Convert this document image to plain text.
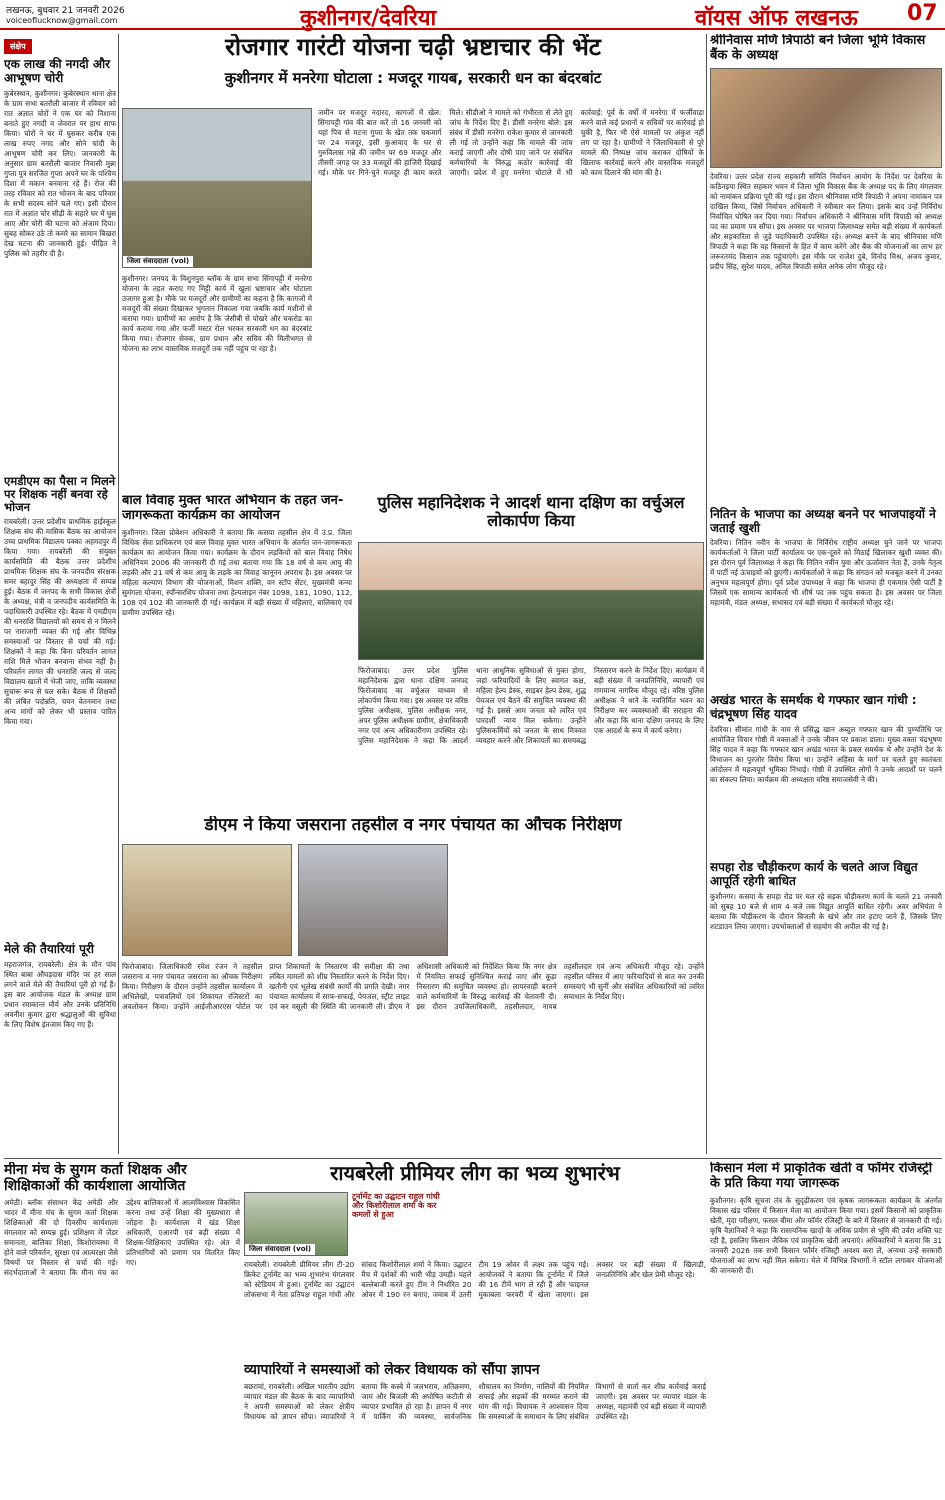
लखनऊ, बुधवार 21 जनवरी 2026
voiceoflucknow@gmail.com	कुशीनगर/देवरिया	वॉयस ऑफ लखनऊ 07
संक्षेप
एक लाख की नगदी और आभूषण चोरी
कुबेरस्थान, कुशीनगर। कुबेरस्थान थाना क्षेत्र के ग्राम सभा बतरौली बाजार में रविवार को रात अज्ञात चोरों ने एक घर को निशाना बनाते हुए नगदी व जेवरात पर हाथ साफ किया। चोरों ने घर में घुसकर करीब एक लाख रुपए नगद और सोने चांदी के आभूषण चोरी कर लिए। जानकारी के अनुसार ग्राम बतरौली बाजार निवासी मुन्ना गुप्ता पुत्र सरजित गुप्ता अपने घर के पश्चिम दिशा में मकान बनवाना रहे हैं। रोज की तरह रविवार को रात भोजन के बाद परिवार के सभी सदस्य सोने चले गए। इसी दौरान रात में अज्ञात चोर सीढ़ी के सहारे घर में घुस आए और चोरी की घटना को अंजाम दिया। सुबह सोकर उठे तो कमरे का सामान बिखरा देख घटना की जानकारी हुई। पीड़ित ने पुलिस को तहरीर दी है।
एमडीएम का पैसा न मिलने पर शिक्षक नहीं बनवा रहे भोजन
रायबरेली। उत्तर प्रदेशीय प्राथमिक हाईस्कूल शिक्षक संघ की मासिक बैठक का आयोजन उच्च प्राथमिक विद्यालय पक्का अहमदपुर में किया गया। रायबरेली की संयुक्त कार्यसमिति की बैठक उत्तर प्रदेशीय प्राथमिक शिक्षक संघ के जनपदीय संरक्षक समर बहादुर सिंह की अध्यक्षता में सम्पन्न हुई। बैठक में जनपद के सभी विकास क्षेत्रों के अध्यक्ष, मंत्री व जनपदीय कार्यसमिति के पदाधिकारी उपस्थित रहे। बैठक में एमडीएम की धनराशि विद्यालयों को समय से न मिलने पर नाराजगी व्यक्त की गई और विभिन्न समस्याओं पर विस्तार से चर्चा की गई। शिक्षकों ने कहा कि बिना परिवर्तन लागत राशि मिले भोजन बनवाना संभव नहीं है। परिवर्तन लागत की धनराशि जल्द से जल्द विद्यालय खातों में भेजी जाए, ताकि व्यवस्था सुचारू रूप से चल सके। बैठक में शिक्षकों की लंबित पदोन्नति, चयन वेतनमान तथा अन्य मांगों को लेकर भी प्रस्ताव पारित किया गया।
मेले की तैयारियां पूरी
महराजगंज, रायबरेली। क्षेत्र के मौन पांव स्थित बाबा औघड़दास मंदिर पर हर साल लगने वाले मेले की तैयारियां पूरी हो गई हैं। इस बार आयोजक मंडल के अध्यक्ष ग्राम प्रधान रमाकान्त मौर्य और उनके प्रतिनिधि अवनीश कुमार द्वारा श्रद्धालुओं की सुविधा के लिए विशेष इंतजाम किए गए हैं।
रोजगार गारंटी योजना चढ़ी भ्रष्टाचार की भेंट
कुशीनगर में मनरेगा घोटाला : मजदूर गायब, सरकारी धन का बंदरबांट
जिला संवाददाता (vol)
कुशीनगर। जनपद के विशुनपुरा ब्लॉक के ग्राम सभा सिंगापट्टी में मनरेगा योजना के तहत कराए गए मिट्टी कार्य में खुला भ्रष्टाचार और घोटाला उजागर हुआ है। मौके पर मजदूरों और ग्रामीणों का कहना है कि कागजों में मजदूरों की संख्या दिखाकर भुगतान निकाला गया जबकि कार्य मशीनों से कराया गया। ग्रामीणों का आरोप है कि जेसीबी से पोखरे और चकरोड का कार्य कराया गया और फर्जी मस्टर रोल भरकर सरकारी धन का बंदरबांट किया गया। रोजगार सेवक, ग्राम प्रधान और सचिव की मिलीभगत से योजना का लाभ वास्तविक मजदूरों तक नहीं पहुंच पा रहा है।
जमीन पर मजदूर नदारद, कागजों में खेल: सिंगापट्टी गांव की बात करें तो 16 जनवरी को यहां पिच से मटना गुप्ता के खेत तक चकमार्ग पर 24 मजदूर, इसी कुआवाद के घर से गुरुविलास गन्ने की जमीन पर 69 मजदूर और तीसरी जगह पर 33 मजदूरों की हाजिरी दिखाई गई। मौके पर गिने-चुने मजदूर ही काम करते मिले। सीडीओ ने मामले को गंभीरता से लेते हुए जांच के निर्देश दिए हैं। डीसी मनरेगा बोले: इस संबंध में डीसी मनरेगा राकेश कुमार से जानकारी ली गई तो उन्होंने कहा कि मामले की जांच कराई जाएगी और दोषी पाए जाने पर संबंधित कर्मचारियों के विरुद्ध कठोर कार्रवाई की जाएगी। प्रदेश में हुए मनरेगा घोटाले में भी कार्रवाई: पूर्व के वर्षों में मनरेगा में फर्जीवाड़ा करने वाले कई प्रधानों व सचिवों पर कार्रवाई हो चुकी है, फिर भी ऐसे मामलों पर अंकुश नहीं लग पा रहा है। ग्रामीणों ने जिलाधिकारी से पूरे मामले की निष्पक्ष जांच कराकर दोषियों के खिलाफ कार्रवाई करने और वास्तविक मजदूरों को काम दिलाने की मांग की है।
श्रीनिवास मणि त्रिपाठी बने जिला भूमि विकास बैंक के अध्यक्ष
देवरिया। उत्तर प्रदेश राज्य सहकारी समिति निर्वाचन आयोग के निर्देश पर देवरिया के कठिनइया स्थित सहकार भवन में जिला भूमि विकास बैंक के अध्यक्ष पद के लिए मंगलवार को नामांकन प्रक्रिया पूरी की गई। इस दौरान श्रीनिवास मणि त्रिपाठी ने अपना नामांकन पत्र दाखिल किया, जिसे निर्वाचन अधिकारी ने स्वीकार कर लिया। इसके बाद उन्हें निर्विरोध निर्वाचित घोषित कर दिया गया। निर्वाचन अधिकारी ने श्रीनिवास मणि त्रिपाठी को अध्यक्ष पद का प्रमाण पत्र सौंपा। इस अवसर पर भाजपा जिलाध्यक्ष समेत बड़ी संख्या में कार्यकर्ता और सहकारिता से जुड़े पदाधिकारी उपस्थित रहे। अध्यक्ष बनने के बाद श्रीनिवास मणि त्रिपाठी ने कहा कि वह किसानों के हित में काम करेंगे और बैंक की योजनाओं का लाभ हर जरूरतमंद किसान तक पहुंचाएंगे। इस मौके पर राजेश दुबे, विनोद मिश्र, अजय कुमार, प्रदीप सिंह, सुरेश यादव, अनिल त्रिपाठी समेत अनेक लोग मौजूद रहे।
नितिन के भाजपा का अध्यक्ष बनने पर भाजपाइयों ने जताई खुशी
देवरिया। नितिन नवीन के भाजपा के निर्विरोध राष्ट्रीय अध्यक्ष चुने जाने पर भाजपा कार्यकर्ताओं ने जिला पार्टी कार्यालय पर एक-दूसरे को मिठाई खिलाकर खुशी व्यक्त की। इस दौरान पूर्व जिलाध्यक्ष ने कहा कि नितिन नवीन युवा और ऊर्जावान नेता हैं, उनके नेतृत्व में पार्टी नई ऊंचाइयों को छुएगी। कार्यकर्ताओं ने कहा कि संगठन को मजबूत करने में उनका अनुभव महत्वपूर्ण होगा। पूर्व प्रदेश उपाध्यक्ष ने कहा कि भाजपा ही एकमात्र ऐसी पार्टी है जिसमें एक सामान्य कार्यकर्ता भी शीर्ष पद तक पहुंच सकता है। इस अवसर पर जिला महामंत्री, मंडल अध्यक्ष, सभासद एवं बड़ी संख्या में कार्यकर्ता मौजूद रहे।
अखंड भारत के समर्थक थे गफ्फार खान गांधी : चंद्रभूषण सिंह यादव
देवरिया। सीमांत गांधी के नाम से प्रसिद्ध खान अब्दुल गफ्फार खान की पुण्यतिथि पर आयोजित विचार गोष्ठी में वक्ताओं ने उनके जीवन पर प्रकाश डाला। मुख्य वक्ता चंद्रभूषण सिंह यादव ने कहा कि गफ्फार खान अखंड भारत के प्रबल समर्थक थे और उन्होंने देश के विभाजन का पुरजोर विरोध किया था। उन्होंने अहिंसा के मार्ग पर चलते हुए स्वतंत्रता आंदोलन में महत्वपूर्ण भूमिका निभाई। गोष्ठी में उपस्थित लोगों ने उनके आदर्शों पर चलने का संकल्प लिया। कार्यक्रम की अध्यक्षता वरिष्ठ समाजसेवी ने की।
सपहा रोड चौड़ीकरण कार्य के चलते आज विद्युत आपूर्ति रहेगी बाधित
कुशीनगर। कसया के सपहा रोड पर चल रहे सड़क चौड़ीकरण कार्य के चलते 21 जनवरी को सुबह 10 बजे से शाम 4 बजे तक विद्युत आपूर्ति बाधित रहेगी। अवर अभियंता ने बताया कि चौड़ीकरण के दौरान बिजली के खंभे और तार हटाए जाने हैं, जिसके लिए शटडाउन लिया जाएगा। उपभोक्ताओं से सहयोग की अपील की गई है।
बाल विवाह मुक्त भारत अभियान के तहत जन-जागरूकता कार्यक्रम का आयोजन
कुशीनगर। जिला प्रोबेशन अधिकारी ने बताया कि कसया तहसील क्षेत्र में उ.प्र. जिला विधिक सेवा प्राधिकरण एवं बाल विवाह मुक्त भारत अभियान के अंतर्गत जन-जागरूकता कार्यक्रम का आयोजन किया गया। कार्यक्रम के दौरान लड़कियों को बाल विवाह निषेध अधिनियम 2006 की जानकारी दी गई तथा बताया गया कि 18 वर्ष से कम आयु की लड़की और 21 वर्ष से कम आयु के लड़के का विवाह कानूनन अपराध है। इस अवसर पर महिला कल्याण विभाग की योजनाओं, मिशन शक्ति, वन स्टॉप सेंटर, मुख्यमंत्री कन्या सुमंगला योजना, स्पॉन्सरशिप योजना तथा हेल्पलाइन नंबर 1098, 181, 1090, 112, 108 एवं 102 की जानकारी दी गई। कार्यक्रम में बड़ी संख्या में महिलाएं, बालिकाएं एवं ग्रामीण उपस्थित रहे।
पुलिस महानिदेशक ने आदर्श थाना दक्षिण का वर्चुअल लोकार्पण किया
फिरोजाबाद। उत्तर प्रदेश पुलिस महानिदेशक द्वारा थाना दक्षिण जनपद फिरोजाबाद का वर्चुअल माध्यम से लोकार्पण किया गया। इस अवसर पर वरिष्ठ पुलिस अधीक्षक, पुलिस अधीक्षक नगर, अपर पुलिस अधीक्षक ग्रामीण, क्षेत्राधिकारी नगर एवं अन्य अधिकारीगण उपस्थित रहे। पुलिस महानिदेशक ने कहा कि आदर्श थाना आधुनिक सुविधाओं से युक्त होगा, जहां फरियादियों के लिए स्वागत कक्ष, महिला हेल्प डेस्क, साइबर हेल्प डेस्क, शुद्ध पेयजल एवं बैठने की समुचित व्यवस्था की गई है। इससे आम जनता को त्वरित एवं पारदर्शी न्याय मिल सकेगा। उन्होंने पुलिसकर्मियों को जनता के साथ मित्रवत व्यवहार करने और शिकायतों का समयबद्ध निस्तारण करने के निर्देश दिए। कार्यक्रम में बड़ी संख्या में जनप्रतिनिधि, व्यापारी एवं गणमान्य नागरिक मौजूद रहे। वरिष्ठ पुलिस अधीक्षक ने थाने के नवनिर्मित भवन का निरीक्षण कर व्यवस्थाओं की सराहना की और कहा कि थाना दक्षिण जनपद के लिए एक आदर्श के रूप में कार्य करेगा।
डीएम ने किया जसराना तहसील व नगर पंचायत का औचक निरीक्षण
फिरोजाबाद। जिलाधिकारी रमेश रंजन ने तहसील जसराना व नगर पंचायत जसराना का औचक निरीक्षण किया। निरीक्षण के दौरान उन्होंने तहसील कार्यालय में अभिलेखों, पत्रावलियों एवं शिकायत रजिस्टरों का अवलोकन किया। उन्होंने आईजीआरएस पोर्टल पर प्राप्त शिकायतों के निस्तारण की समीक्षा की तथा लंबित मामलों को शीघ्र निस्तारित करने के निर्देश दिए। खतौनी एवं भूलेख संबंधी कार्यों की प्रगति देखी। नगर पंचायत कार्यालय में साफ-सफाई, पेयजल, स्ट्रीट लाइट एवं कर वसूली की स्थिति की जानकारी ली। डीएम ने अधिशासी अधिकारी को निर्देशित किया कि नगर क्षेत्र में नियमित सफाई सुनिश्चित कराई जाए और कूड़ा निस्तारण की समुचित व्यवस्था हो। लापरवाही बरतने वाले कर्मचारियों के विरुद्ध कार्रवाई की चेतावनी दी। इस दौरान उपजिलाधिकारी, तहसीलदार, नायब तहसीलदार एवं अन्य अधिकारी मौजूद रहे। उन्होंने तहसील परिसर में आए फरियादियों से बात कर उनकी समस्याएं भी सुनीं और संबंधित अधिकारियों को त्वरित समाधान के निर्देश दिए।
मीना मंच के सुगम कर्ता शिक्षक और शिक्षिकाओं की कार्यशाला आयोजित
अमेठी। ब्लॉक संसाधन केंद्र अमेठी और भादर में मीना मंच के सुगम कर्ता शिक्षक शिक्षिकाओं की दो दिवसीय कार्यशाला मंगलवार को सम्पन्न हुई। प्रशिक्षण में जेंडर समानता, बालिका शिक्षा, किशोरावस्था में होने वाले परिवर्तन, सुरक्षा एवं आत्मरक्षा जैसे विषयों पर विस्तार से चर्चा की गई। संदर्भदाताओं ने बताया कि मीना मंच का उद्देश्य बालिकाओं में आत्मविश्वास विकसित करना तथा उन्हें शिक्षा की मुख्यधारा से जोड़ना है। कार्यशाला में खंड शिक्षा अधिकारी, एआरपी एवं बड़ी संख्या में शिक्षक-शिक्षिकाएं उपस्थित रहे। अंत में प्रतिभागियों को प्रमाण पत्र वितरित किए गए।
रायबरेली प्रीमियर लीग का भव्य शुभारंभ
जिला संवाददाता (vol)
टूर्नामेंट का उद्घाटन राहुल गांधी और किशोरीलाल शर्मा के कर कमलों से हुआ
रायबरेली। रायबरेली प्रीमियर लीग टी-20 क्रिकेट टूर्नामेंट का भव्य शुभारंभ मंगलवार को स्टेडियम में हुआ। टूर्नामेंट का उद्घाटन लोकसभा में नेता प्रतिपक्ष राहुल गांधी और सांसद किशोरीलाल शर्मा ने किया। उद्घाटन मैच में दर्शकों की भारी भीड़ उमड़ी। पहले बल्लेबाजी करते हुए टीम ने निर्धारित 20 ओवर में 190 रन बनाए, जवाब में उतरी टीम 19 ओवर में लक्ष्य तक पहुंच गई। आयोजकों ने बताया कि टूर्नामेंट में जिले की 16 टीमें भाग ले रही हैं और फाइनल मुकाबला फरवरी में खेला जाएगा। इस अवसर पर बड़ी संख्या में खिलाड़ी, जनप्रतिनिधि और खेल प्रेमी मौजूद रहे।
व्यापारियों ने समस्याओं को लेकर विधायक को सौंपा ज्ञापन
बछरावां, रायबरेली। अखिल भारतीय उद्योग व्यापार मंडल की बैठक के बाद व्यापारियों ने अपनी समस्याओं को लेकर क्षेत्रीय विधायक को ज्ञापन सौंपा। व्यापारियों ने बताया कि कस्बे में जलभराव, अतिक्रमण, जाम और बिजली की अघोषित कटौती से व्यापार प्रभावित हो रहा है। ज्ञापन में नगर में पार्किंग की व्यवस्था, सार्वजनिक शौचालय का निर्माण, नालियों की नियमित सफाई और सड़कों की मरम्मत कराने की मांग की गई। विधायक ने आश्वासन दिया कि समस्याओं के समाधान के लिए संबंधित विभागों से वार्ता कर शीघ्र कार्रवाई कराई जाएगी। इस अवसर पर व्यापार मंडल के अध्यक्ष, महामंत्री एवं बड़ी संख्या में व्यापारी उपस्थित रहे।
किसान मेला में प्राकृतिक खेती व फॉर्मर रजिस्ट्री के प्रति किया गया जागरूक
कुशीनगर। कृषि सूचना तंत्र के सुदृढ़ीकरण एवं कृषक जागरूकता कार्यक्रम के अंतर्गत विकास खंड परिसर में किसान मेला का आयोजन किया गया। इसमें किसानों को प्राकृतिक खेती, मृदा परीक्षण, फसल बीमा और फॉर्मर रजिस्ट्री के बारे में विस्तार से जानकारी दी गई। कृषि वैज्ञानिकों ने कहा कि रासायनिक खादों के अधिक प्रयोग से भूमि की उर्वरा शक्ति घट रही है, इसलिए किसान जैविक एवं प्राकृतिक खेती अपनाएं। अधिकारियों ने बताया कि 31 जनवरी 2026 तक सभी किसान फॉर्मर रजिस्ट्री अवश्य करा लें, अन्यथा उन्हें सरकारी योजनाओं का लाभ नहीं मिल सकेगा। मेले में विभिन्न विभागों ने स्टॉल लगाकर योजनाओं की जानकारी दी।
